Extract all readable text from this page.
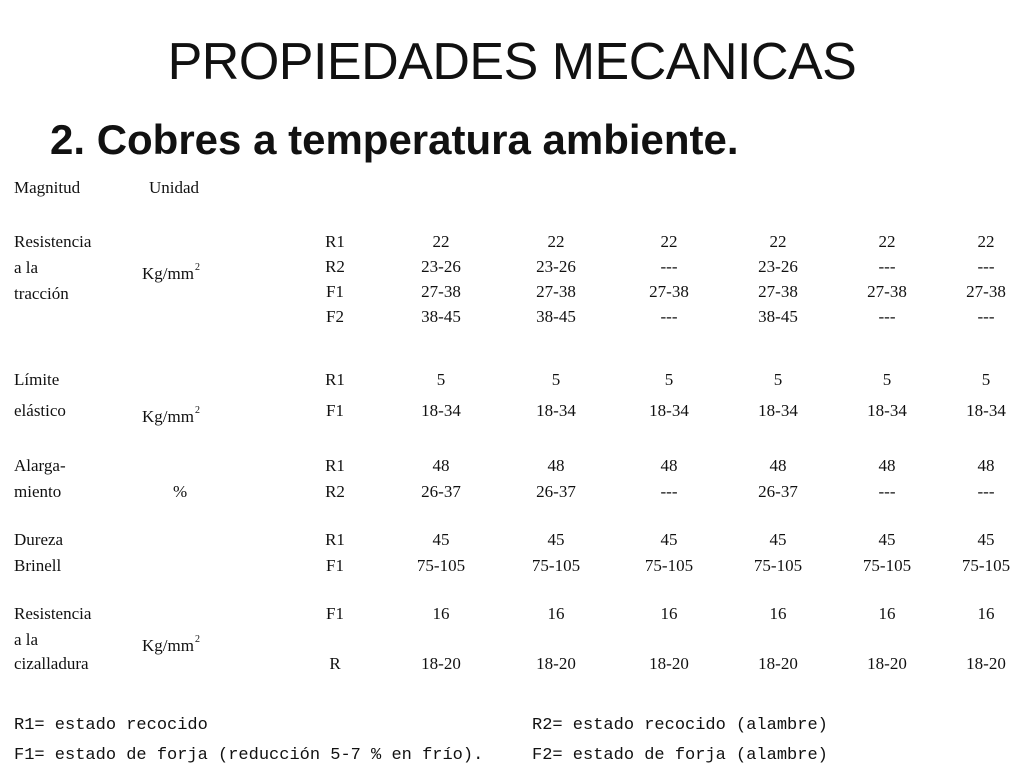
PROPIEDADES MECANICAS
2. Cobres a temperatura ambiente.
Magnitud	Unidad
Resistencia
a la
tracción
$Kg/mm^2$
R1	22	22	22	22	22	22
R2	23-26	23-26	---	23-26	---	---
F1	27-38	27-38	27-38	27-38	27-38	27-38
F2	38-45	38-45	---	38-45	---	---
Límite
elástico	$Kg/mm^2$
R1	5	5	5	5	5	5
F1	18-34	18-34	18-34	18-34	18-34	18-34
Alarga-
miento	%
R1	48	48	48	48	48	48
R2	26-37	26-37	---	26-37	---	---
Dureza
Brinell
R1	45	45	45	45	45	45
F1	75-105	75-105	75-105	75-105	75-105	75-105
Resistencia
a la
cizalladura
$Kg/mm^2$
F1	16	16	16	16	16	16
R	18-20	18-20	18-20	18-20	18-20	18-20
R1= estado recocido	R2= estado recocido (alambre)
F1= estado de forja (reducción 5-7 % en frío).	F2= estado de forja (alambre)
